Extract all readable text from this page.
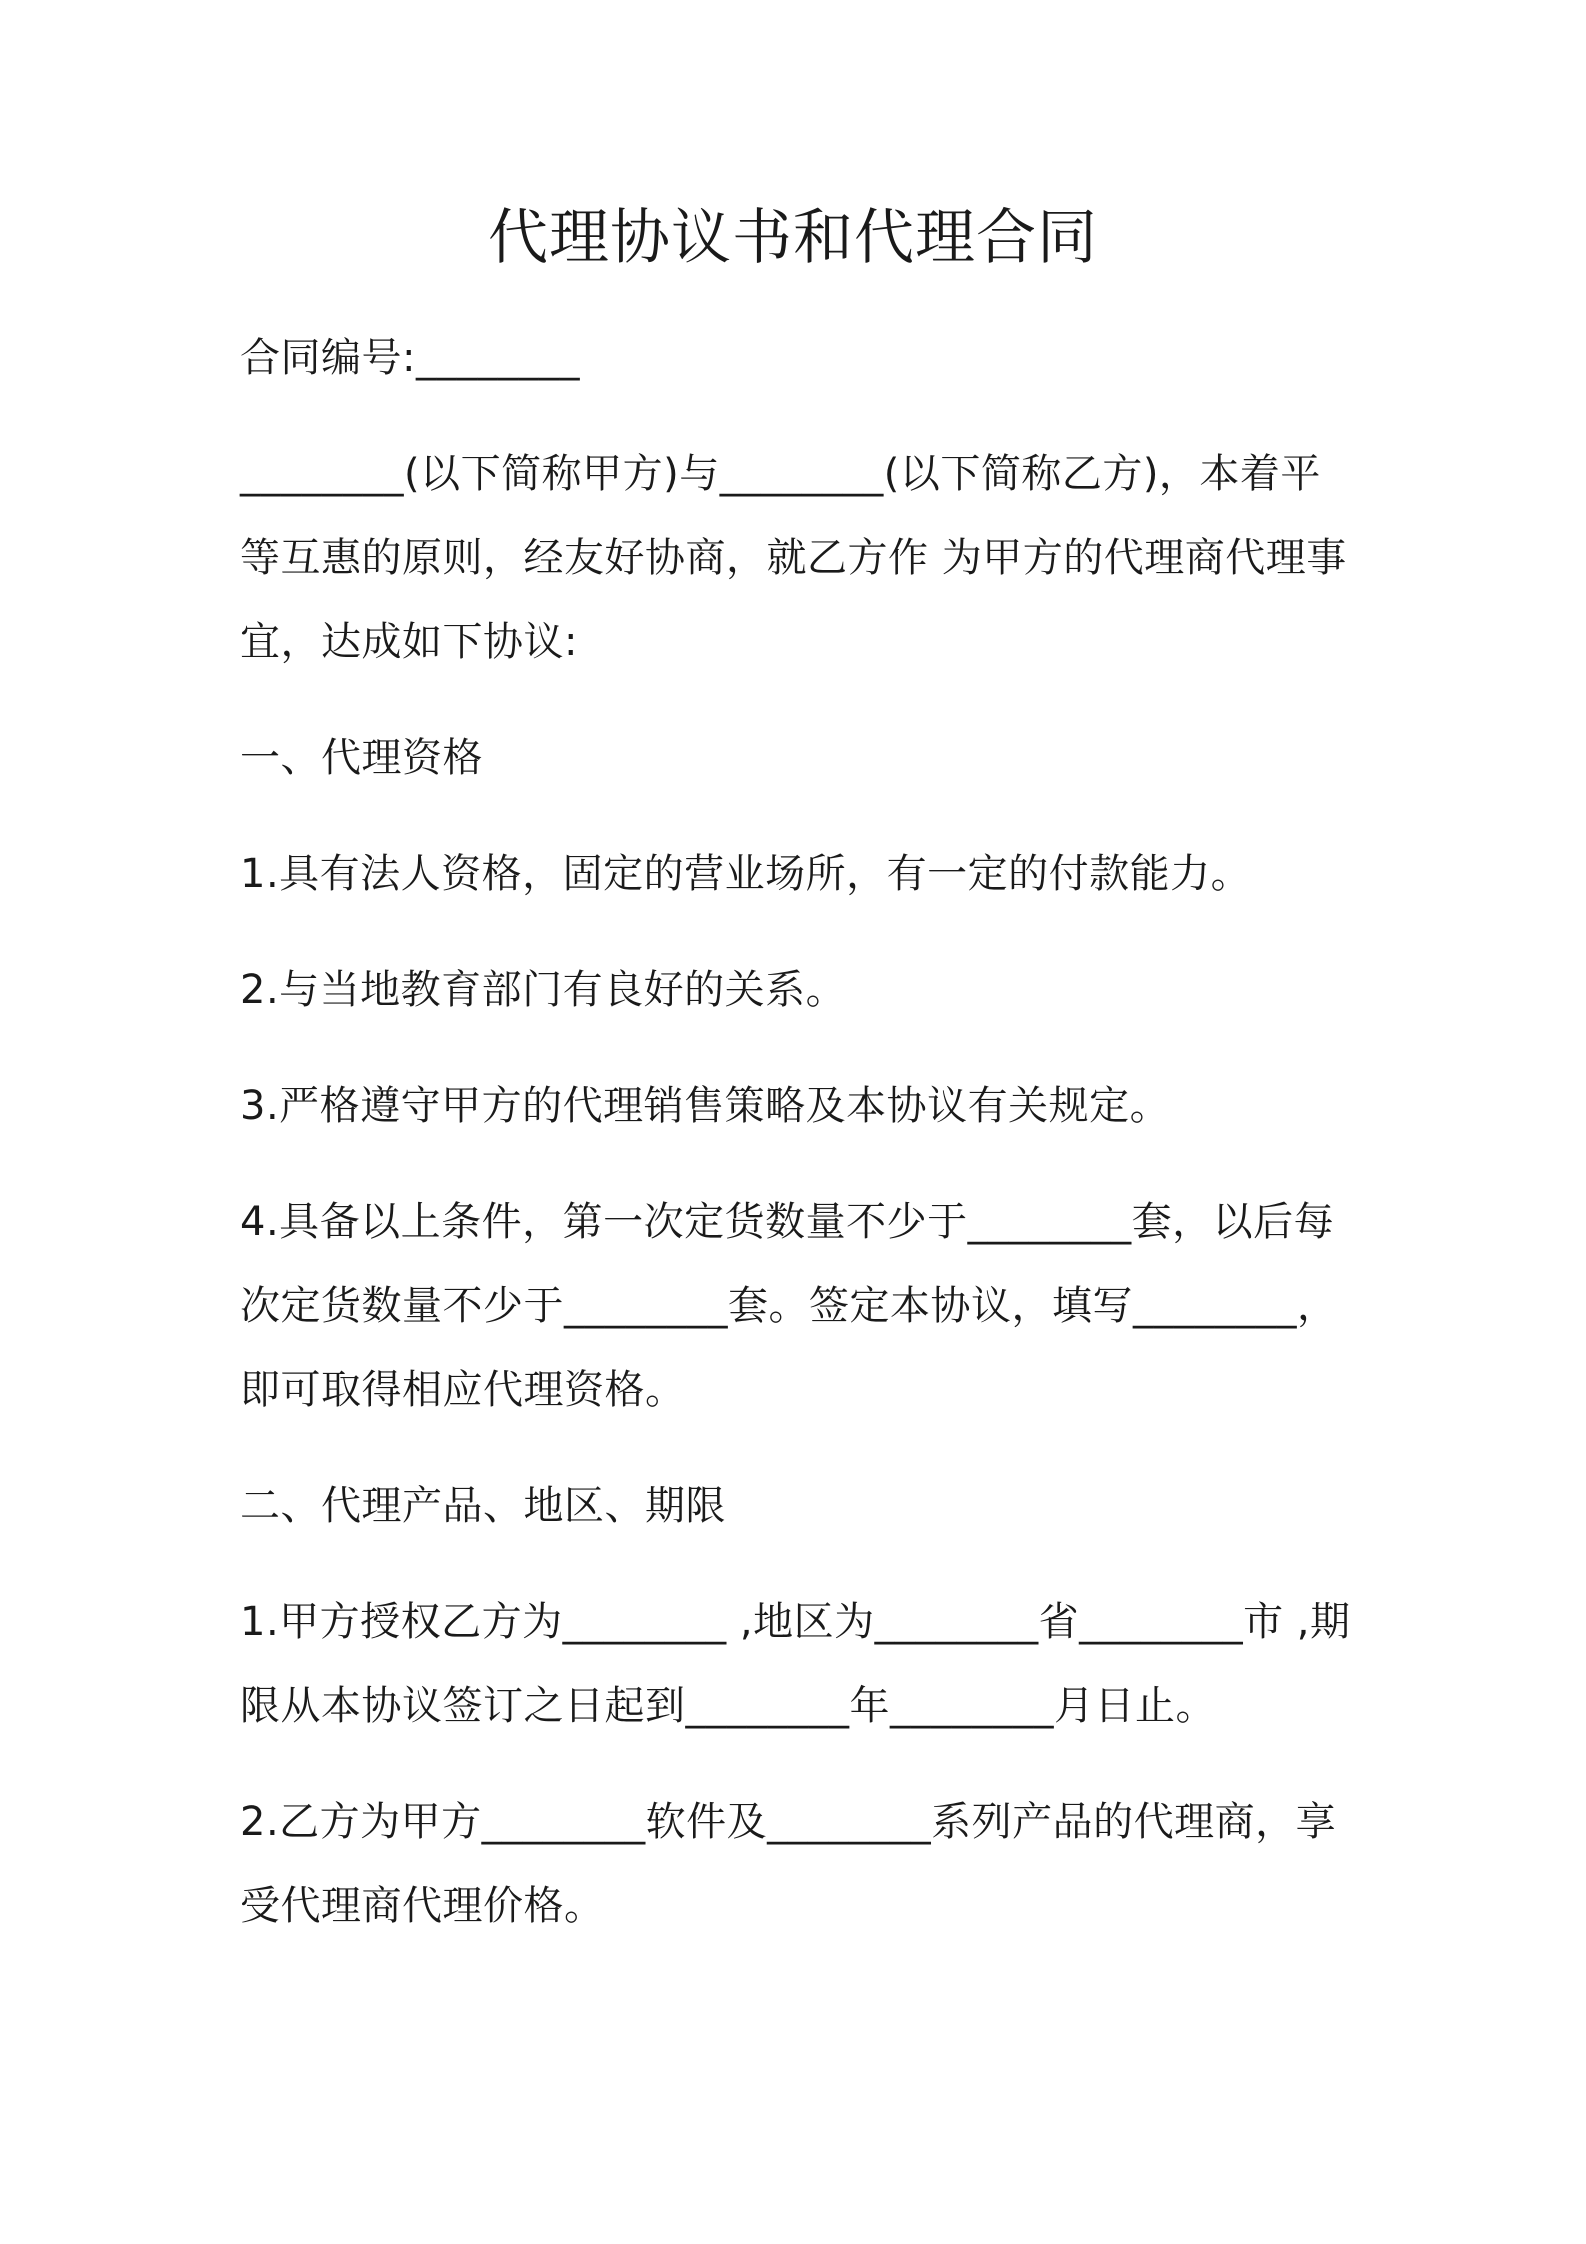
代理协议书和代理合同

合同编号:________

________(以下简称甲方)与________(以下简称乙方)，本着平等互惠的原则，经友好协商，就乙方作 为甲方的代理商代理事宜，达成如下协议:

一、代理资格

1.具有法人资格，固定的营业场所，有一定的付款能力。

2.与当地教育部门有良好的关系。

3.严格遵守甲方的代理销售策略及本协议有关规定。

4.具备以上条件，第一次定货数量不少于________套，以后每次定货数量不少于________套。签定本协议，填写________，即可取得相应代理资格。

二、代理产品、地区、期限

1.甲方授权乙方为________ ,地区为________省________市 ,期限从本协议签订之日起到________年________月日止。

2.乙方为甲方________软件及________系列产品的代理商，享受代理商代理价格。
